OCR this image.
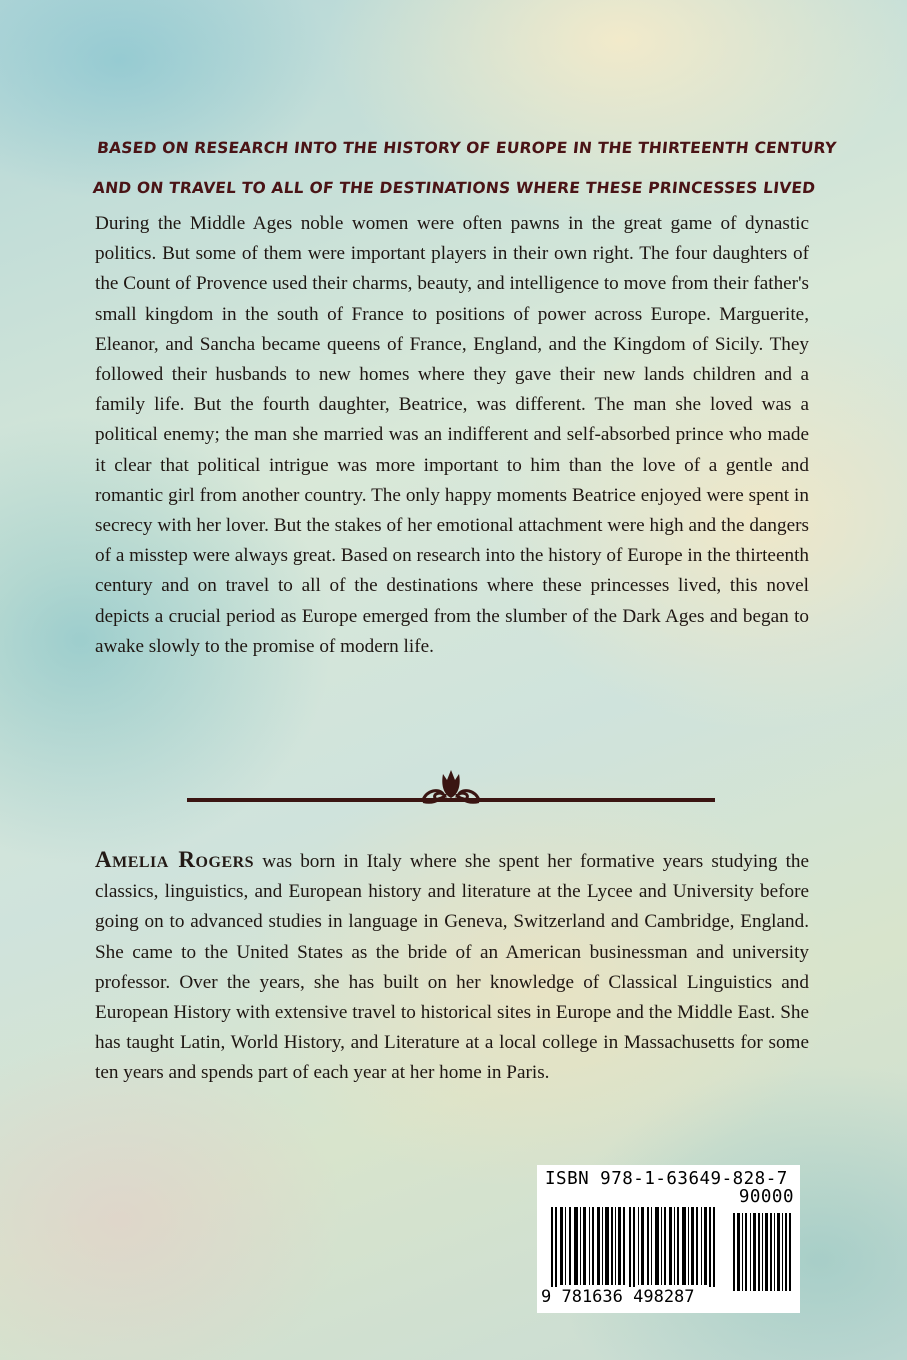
BASED ON RESEARCH INTO THE HISTORY OF EUROPE IN THE THIRTEENTH CENTURY
AND ON TRAVEL TO ALL OF THE DESTINATIONS WHERE THESE PRINCESSES LIVED

During the Middle Ages noble women were often pawns in the great game of dynastic politics. But some of them were important players in their own right. The four daughters of the Count of Provence used their charms, beauty, and intelligence to move from their father's small kingdom in the south of France to positions of power across Europe. Marguerite, Eleanor, and Sancha became queens of France, England, and the Kingdom of Sicily. They followed their husbands to new homes where they gave their new lands children and a family life. But the fourth daughter, Beatrice, was different. The man she loved was a political enemy; the man she married was an indifferent and self-absorbed prince who made it clear that political intrigue was more important to him than the love of a gentle and romantic girl from another country. The only happy moments Beatrice enjoyed were spent in secrecy with her lover. But the stakes of her emotional attachment were high and the dangers of a misstep were always great. Based on research into the history of Europe in the thirteenth century and on travel to all of the destinations where these princesses lived, this novel depicts a crucial period as Europe emerged from the slumber of the Dark Ages and began to awake slowly to the promise of modern life.

Amelia Rogers was born in Italy where she spent her formative years studying the classics, linguistics, and European history and literature at the Lycee and University before going on to advanced studies in language in Geneva, Switzerland and Cambridge, England. She came to the United States as the bride of an American businessman and university professor. Over the years, she has built on her knowledge of Classical Linguistics and European History with extensive travel to historical sites in Europe and the Middle East. She has taught Latin, World History, and Literature at a local college in Massachusetts for some ten years and spends part of each year at her home in Paris.

ISBN 978-1-63649-828-7
90000
9 781636 498287
